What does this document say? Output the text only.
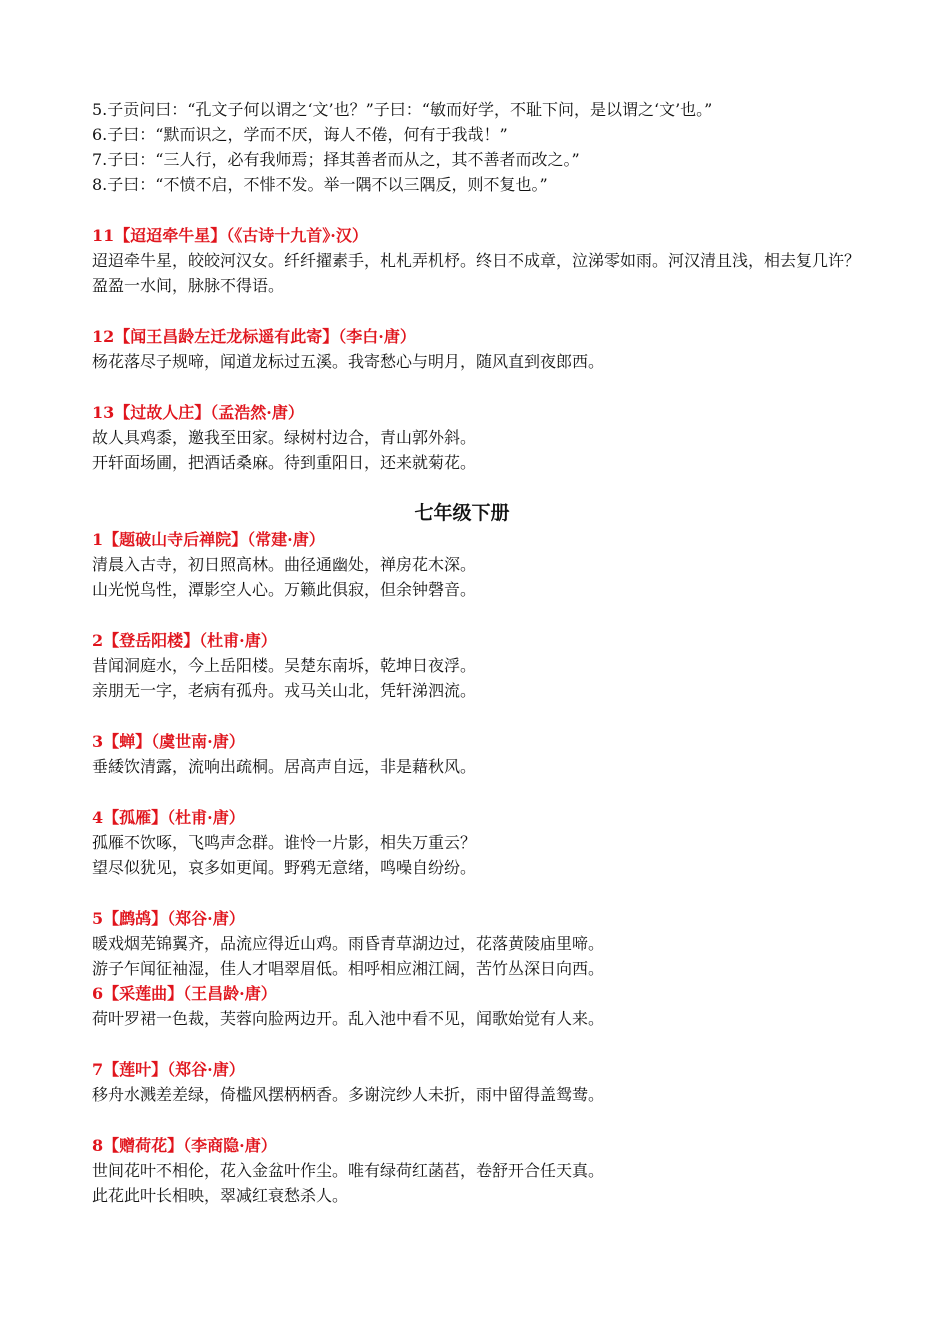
5.子贡问曰：“孔文子何以谓之‘文’也？”子曰：“敏而好学，不耻下问，是以谓之‘文’也。”
6.子曰：“默而识之，学而不厌，诲人不倦，何有于我哉！”
7.子曰：“三人行，必有我师焉；择其善者而从之，其不善者而改之。”
8.子曰：“不愤不启，不悱不发。举一隅不以三隅反，则不复也。”
11【迢迢牵牛星】（《古诗十九首》·汉）
迢迢牵牛星，皎皎河汉女。纤纤擢素手，札札弄机杼。终日不成章，泣涕零如雨。河汉清且浅，相去复几许？盈盈一水间，脉脉不得语。
12【闻王昌龄左迁龙标遥有此寄】（李白·唐）
杨花落尽子规啼，闻道龙标过五溪。我寄愁心与明月，随风直到夜郎西。
13【过故人庄】（孟浩然·唐）
故人具鸡黍，邀我至田家。绿树村边合，青山郭外斜。
开轩面场圃，把酒话桑麻。待到重阳日，还来就菊花。
七年级下册
1【题破山寺后禅院】（常建·唐）
清晨入古寺，初日照高林。曲径通幽处，禅房花木深。
山光悦鸟性，潭影空人心。万籁此俱寂，但余钟磬音。
2【登岳阳楼】（杜甫·唐）
昔闻洞庭水，今上岳阳楼。吴楚东南坼，乾坤日夜浮。
亲朋无一字，老病有孤舟。戎马关山北，凭轩涕泗流。
3【蝉】（虞世南·唐）
垂緌饮清露，流响出疏桐。居高声自远，非是藉秋风。
4【孤雁】（杜甫·唐）
孤雁不饮啄，飞鸣声念群。谁怜一片影，相失万重云？
望尽似犹见，哀多如更闻。野鸦无意绪，鸣噪自纷纷。
5【鹧鸪】（郑谷·唐）
暖戏烟芜锦翼齐，品流应得近山鸡。雨昏青草湖边过，花落黄陵庙里啼。
游子乍闻征袖湿，佳人才唱翠眉低。相呼相应湘江阔，苦竹丛深日向西。
6【采莲曲】（王昌龄·唐）
荷叶罗裙一色裁，芙蓉向脸两边开。乱入池中看不见，闻歌始觉有人来。
7【莲叶】（郑谷·唐）
移舟水溅差差绿，倚槛风摆柄柄香。多谢浣纱人未折，雨中留得盖鸳鸯。
8【赠荷花】（李商隐·唐）
世间花叶不相伦，花入金盆叶作尘。唯有绿荷红菡萏，卷舒开合任天真。
此花此叶长相映，翠减红衰愁杀人。
